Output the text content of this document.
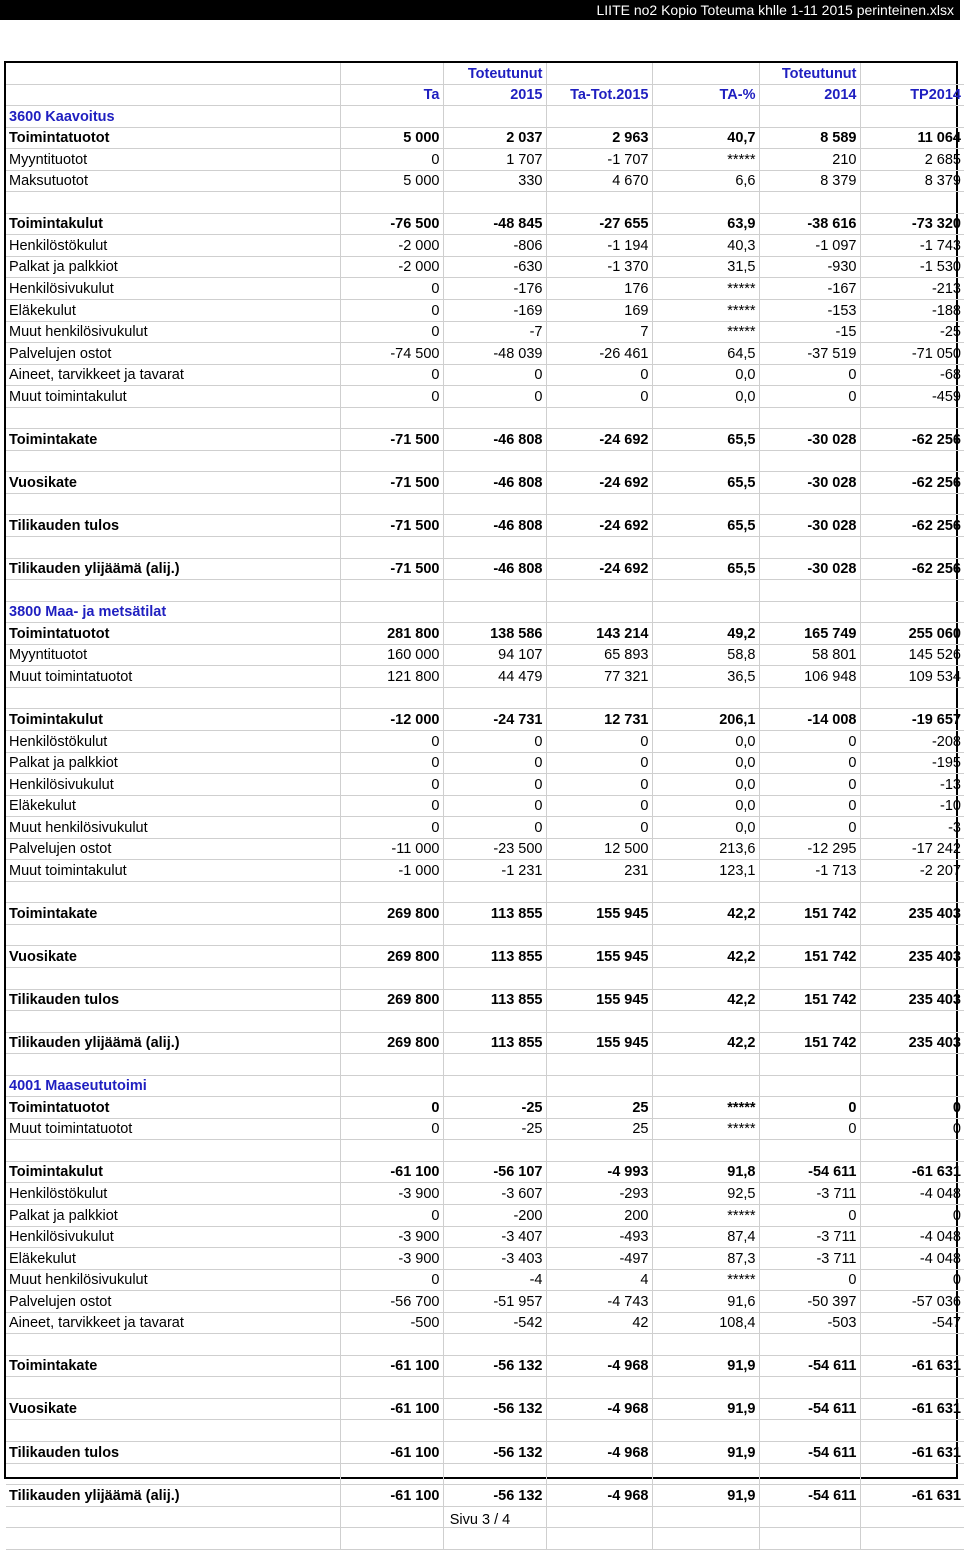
LIITE no2 Kopio Toteuma khlle 1-11 2015 perinteinen.xlsx
		Toteutunut			Toteutunut	
	Ta	2015	Ta-Tot.2015	TA-%	2014	TP2014
3600 Kaavoitus						
Toimintatuotot	5 000	2 037	2 963	40,7	8 589	11 064
Myyntituotot	0	1 707	-1 707	*****	210	2 685
Maksutuotot	5 000	330	4 670	6,6	8 379	8 379

Toimintakulut	-76 500	-48 845	-27 655	63,9	-38 616	-73 320
Henkilöstökulut	-2 000	-806	-1 194	40,3	-1 097	-1 743
Palkat ja palkkiot	-2 000	-630	-1 370	31,5	-930	-1 530
Henkilösivukulut	0	-176	176	*****	-167	-213
Eläkekulut	0	-169	169	*****	-153	-188
Muut henkilösivukulut	0	-7	7	*****	-15	-25
Palvelujen ostot	-74 500	-48 039	-26 461	64,5	-37 519	-71 050
Aineet, tarvikkeet ja tavarat	0	0	0	0,0	0	-68
Muut toimintakulut	0	0	0	0,0	0	-459

Toimintakate	-71 500	-46 808	-24 692	65,5	-30 028	-62 256

Vuosikate	-71 500	-46 808	-24 692	65,5	-30 028	-62 256

Tilikauden tulos	-71 500	-46 808	-24 692	65,5	-30 028	-62 256

Tilikauden ylijäämä (alij.)	-71 500	-46 808	-24 692	65,5	-30 028	-62 256

3800 Maa- ja metsätilat						
Toimintatuotot	281 800	138 586	143 214	49,2	165 749	255 060
Myyntituotot	160 000	94 107	65 893	58,8	58 801	145 526
Muut toimintatuotot	121 800	44 479	77 321	36,5	106 948	109 534

Toimintakulut	-12 000	-24 731	12 731	206,1	-14 008	-19 657
Henkilöstökulut	0	0	0	0,0	0	-208
Palkat ja palkkiot	0	0	0	0,0	0	-195
Henkilösivukulut	0	0	0	0,0	0	-13
Eläkekulut	0	0	0	0,0	0	-10
Muut henkilösivukulut	0	0	0	0,0	0	-3
Palvelujen ostot	-11 000	-23 500	12 500	213,6	-12 295	-17 242
Muut toimintakulut	-1 000	-1 231	231	123,1	-1 713	-2 207

Toimintakate	269 800	113 855	155 945	42,2	151 742	235 403

Vuosikate	269 800	113 855	155 945	42,2	151 742	235 403

Tilikauden tulos	269 800	113 855	155 945	42,2	151 742	235 403

Tilikauden ylijäämä (alij.)	269 800	113 855	155 945	42,2	151 742	235 403

4001 Maaseututoimi						
Toimintatuotot	0	-25	25	*****	0	0
Muut toimintatuotot	0	-25	25	*****	0	0

Toimintakulut	-61 100	-56 107	-4 993	91,8	-54 611	-61 631
Henkilöstökulut	-3 900	-3 607	-293	92,5	-3 711	-4 048
Palkat ja palkkiot	0	-200	200	*****	0	0
Henkilösivukulut	-3 900	-3 407	-493	87,4	-3 711	-4 048
Eläkekulut	-3 900	-3 403	-497	87,3	-3 711	-4 048
Muut henkilösivukulut	0	-4	4	*****	0	0
Palvelujen ostot	-56 700	-51 957	-4 743	91,6	-50 397	-57 036
Aineet, tarvikkeet ja tavarat	-500	-542	42	108,4	-503	-547

Toimintakate	-61 100	-56 132	-4 968	91,9	-54 611	-61 631

Vuosikate	-61 100	-56 132	-4 968	91,9	-54 611	-61 631

Tilikauden tulos	-61 100	-56 132	-4 968	91,9	-54 611	-61 631

Tilikauden ylijäämä (alij.)	-61 100	-56 132	-4 968	91,9	-54 611	-61 631

Sivu 3 / 4
